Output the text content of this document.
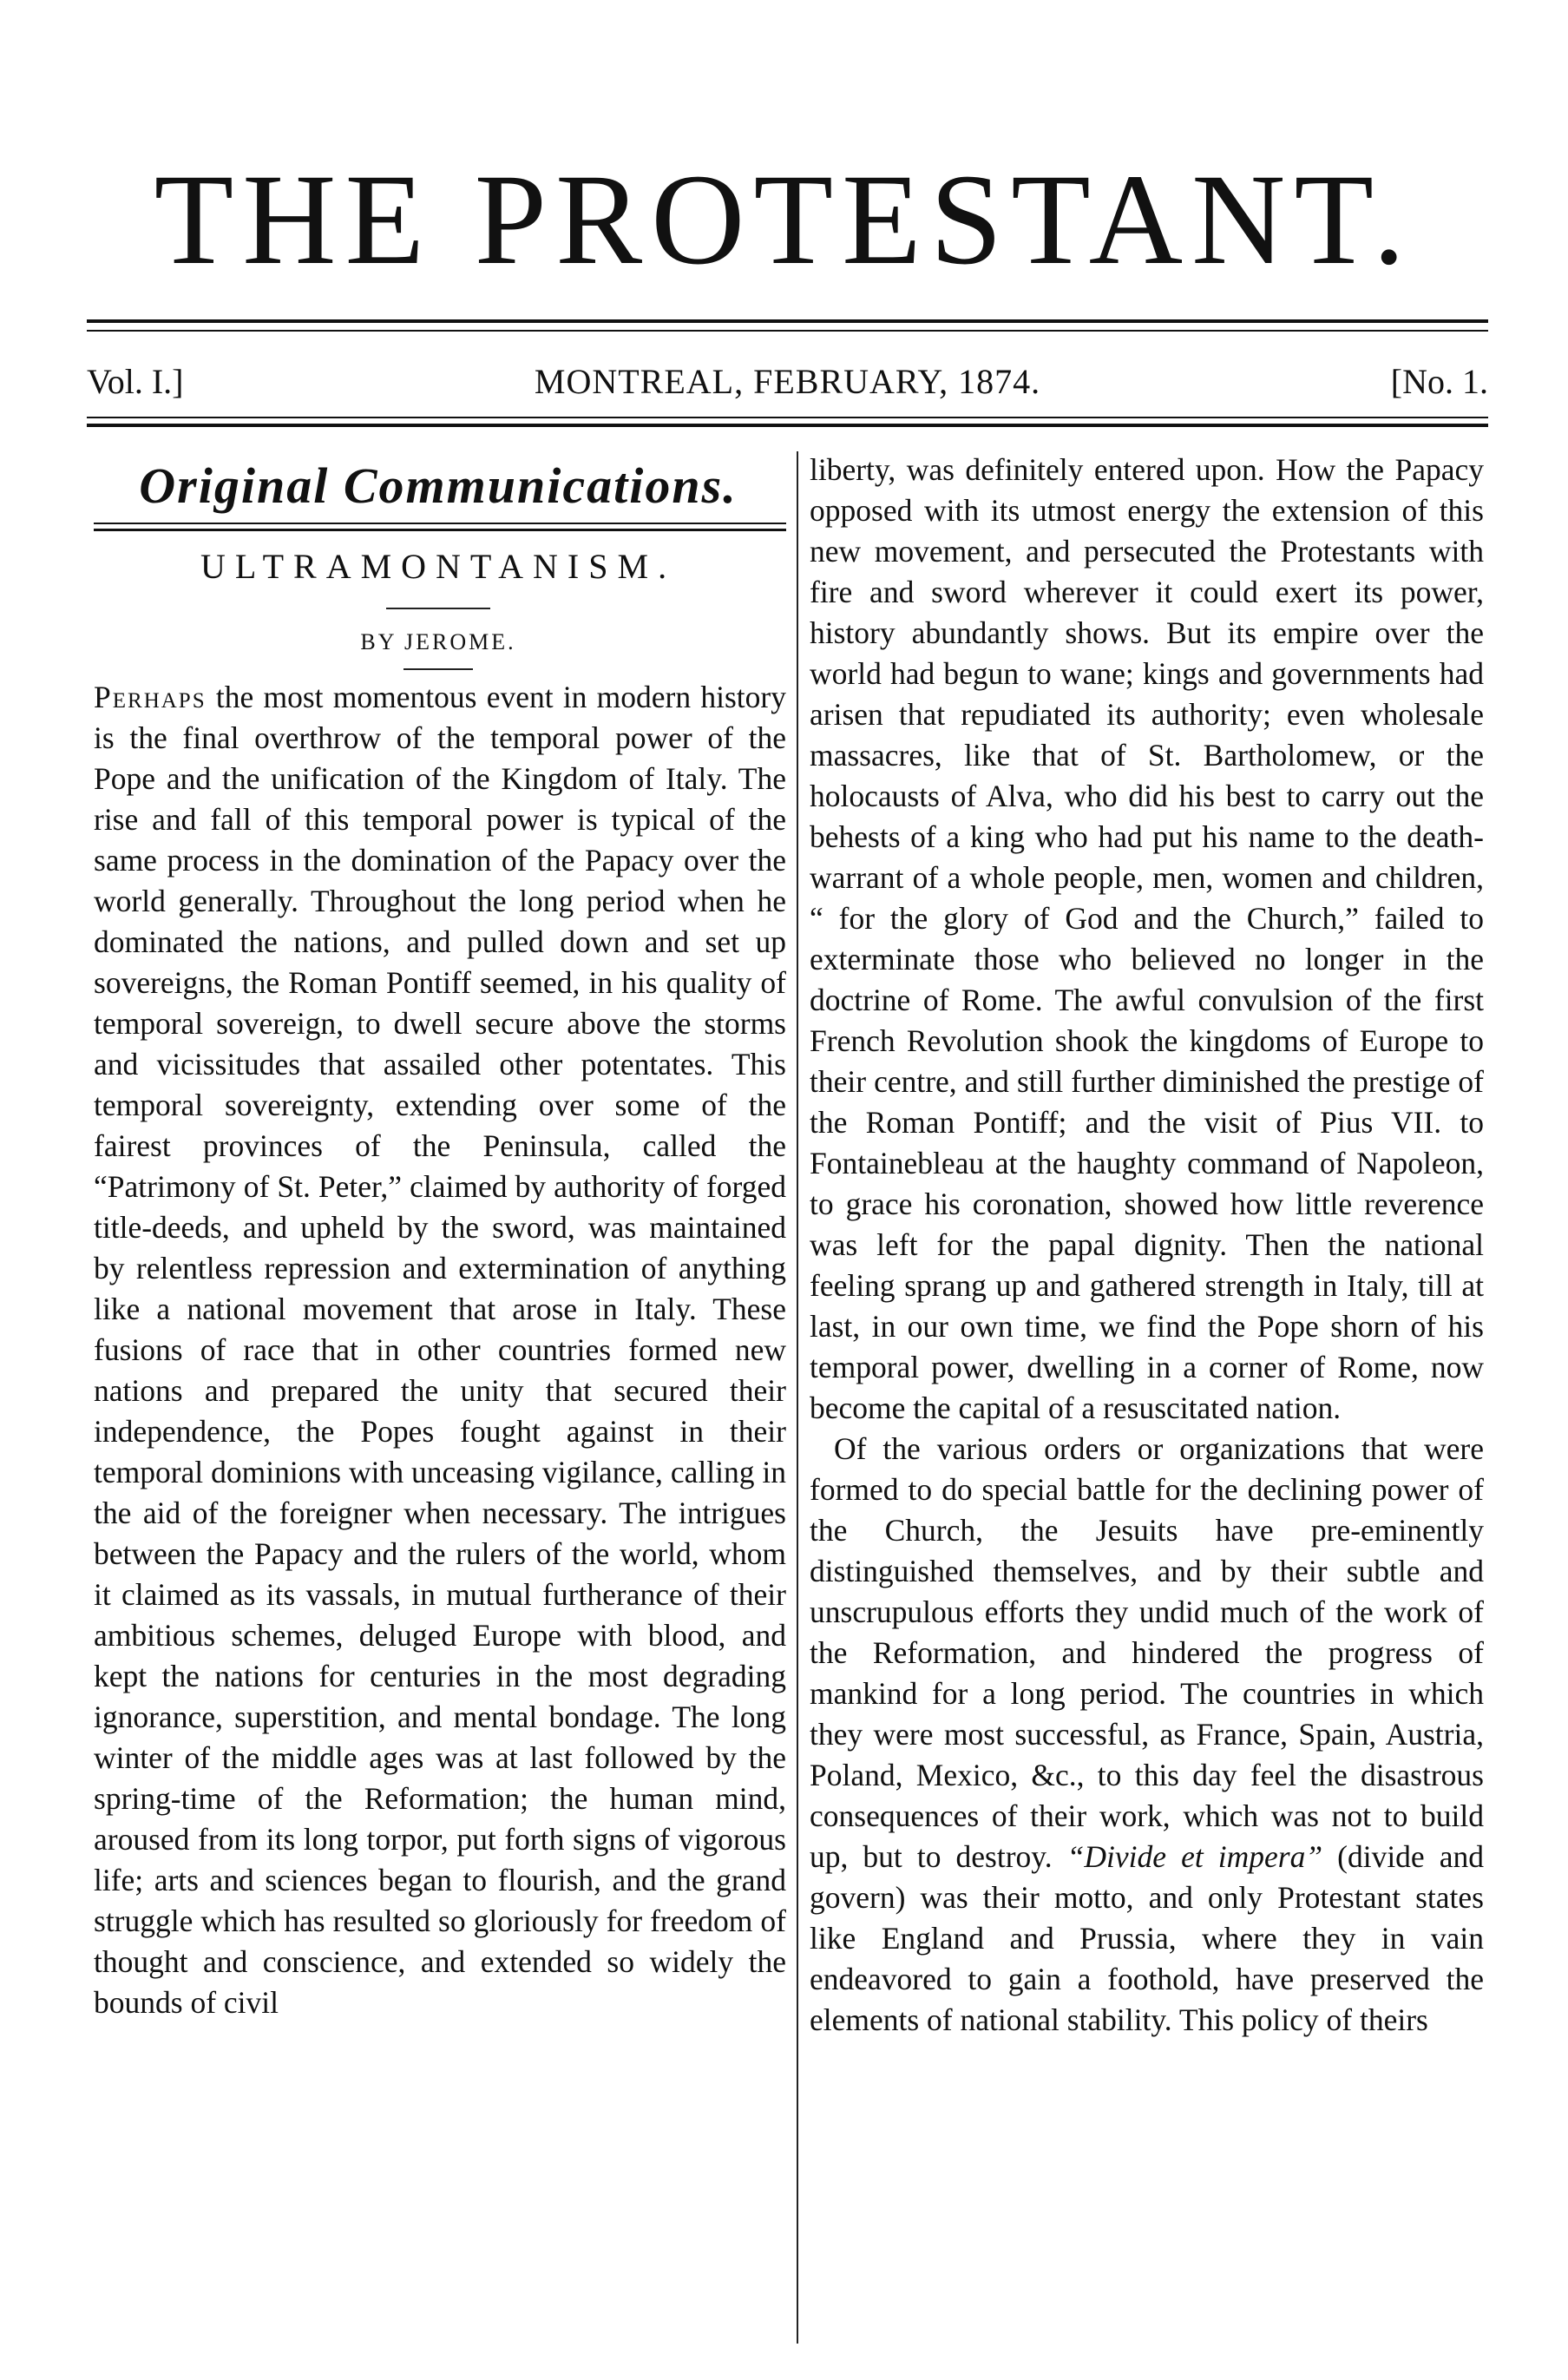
THE PROTESTANT.
Vol. I.]	MONTREAL, FEBRUARY, 1874.	[No. 1.
Original Communications.
ULTRAMONTANISM.
BY JEROME.

Perhaps the most momentous event in modern history is the final overthrow of the temporal power of the Pope and the unification of the Kingdom of Italy. The rise and fall of this temporal power is typical of the same process in the domination of the Papacy over the world generally. Throughout the long period when he dominated the nations, and pulled down and set up sovereigns, the Roman Pontiff seemed, in his quality of temporal sovereign, to dwell secure above the storms and vicissitudes that assailed other potentates. This temporal sovereignty, extending over some of the fairest provinces of the Peninsula, called the “Patrimony of St. Peter,” claimed by authority of forged title-deeds, and upheld by the sword, was maintained by relentless repression and extermination of anything like a national movement that arose in Italy. These fusions of race that in other countries formed new nations and prepared the unity that secured their independence, the Popes fought against in their temporal dominions with unceasing vigilance, calling in the aid of the foreigner when necessary. The intrigues between the Papacy and the rulers of the world, whom it claimed as its vassals, in mutual furtherance of their ambitious schemes, deluged Europe with blood, and kept the nations for centuries in the most degrading ignorance, superstition, and mental bondage. The long winter of the middle ages was at last followed by the spring-time of the Reformation; the human mind, aroused from its long torpor, put forth signs of vigorous life; arts and sciences began to flourish, and the grand struggle which has resulted so gloriously for freedom of thought and conscience, and extended so widely the bounds of civil

liberty, was definitely entered upon. How the Papacy opposed with its utmost energy the extension of this new movement, and persecuted the Protestants with fire and sword wherever it could exert its power, history abundantly shows. But its empire over the world had begun to wane; kings and governments had arisen that repudiated its authority; even wholesale massacres, like that of St. Bartholomew, or the holocausts of Alva, who did his best to carry out the behests of a king who had put his name to the death-warrant of a whole people, men, women and children, “ for the glory of God and the Church,” failed to exterminate those who believed no longer in the doctrine of Rome. The awful convulsion of the first French Revolution shook the kingdoms of Europe to their centre, and still further diminished the prestige of the Roman Pontiff; and the visit of Pius VII. to Fontainebleau at the haughty command of Napoleon, to grace his coronation, showed how little reverence was left for the papal dignity. Then the national feeling sprang up and gathered strength in Italy, till at last, in our own time, we find the Pope shorn of his temporal power, dwelling in a corner of Rome, now become the capital of a resuscitated nation.

Of the various orders or organizations that were formed to do special battle for the declining power of the Church, the Jesuits have pre-eminently distinguished themselves, and by their subtle and unscrupulous efforts they undid much of the work of the Reformation, and hindered the progress of mankind for a long period. The countries in which they were most successful, as France, Spain, Austria, Poland, Mexico, &c., to this day feel the disastrous consequences of their work, which was not to build up, but to destroy. “Divide et impera” (divide and govern) was their motto, and only Protestant states like England and Prussia, where they in vain endeavored to gain a foothold, have preserved the elements of national stability. This policy of theirs
